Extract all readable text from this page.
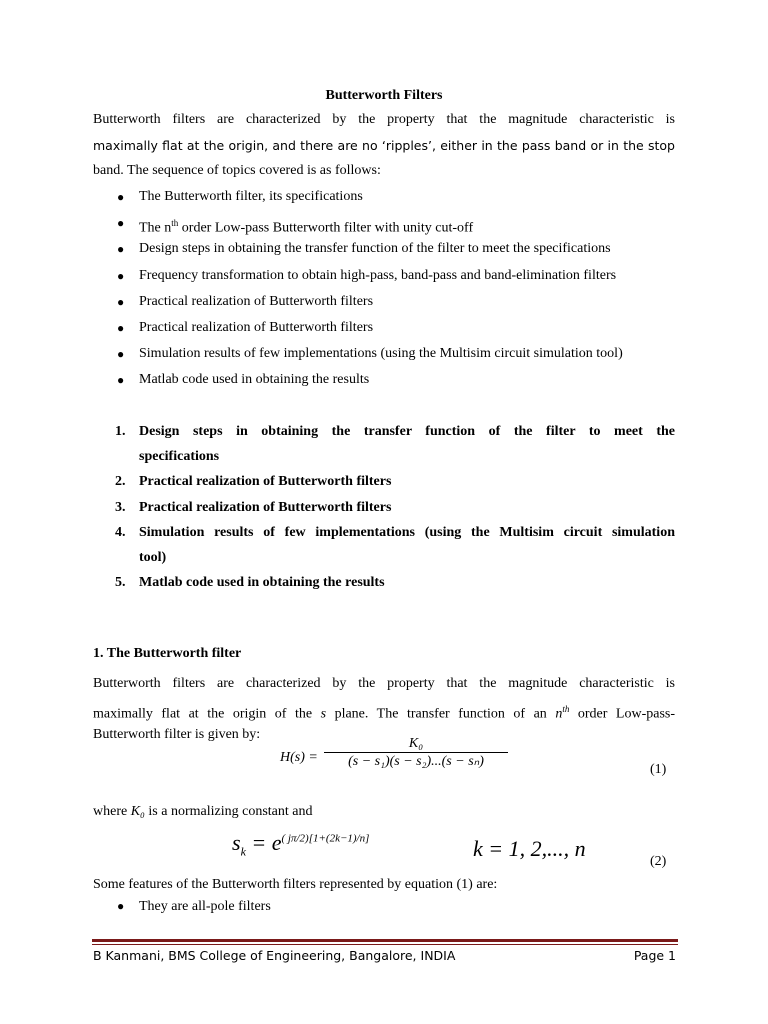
Butterworth Filters
Butterworth filters are characterized by the property that the magnitude characteristic is
maximally flat at the origin, and there are no ‘ripples’, either in the pass band or in the stop
band. The sequence of topics covered is as follows:
● The Butterworth filter, its specifications
● The $n^{th}$ order Low-pass Butterworth filter with unity cut-off
● Design steps in obtaining the transfer function of the filter to meet the specifications
● Frequency transformation to obtain high-pass, band-pass and band-elimination filters
● Practical realization of Butterworth filters
● Practical realization of Butterworth filters
● Simulation results of few implementations (using the Multisim circuit simulation tool)
● Matlab code used in obtaining the results
1. Design steps in obtaining the transfer function of the filter to meet the
specifications
2. Practical realization of Butterworth filters
3. Practical realization of Butterworth filters
4. Simulation results of few implementations (using the Multisim circuit simulation
tool)
5. Matlab code used in obtaining the results
1. The Butterworth filter
Butterworth filters are characterized by the property that the magnitude characteristic is
maximally flat at the origin of the s plane. The transfer function of an $n^{th}$ order Low-pass-
Butterworth filter is given by:
$H(s) = \frac{\text{K₀}}{\text{(s − s₁)(s − s₂)...(s − sₙ)}}$	(1)
where K₀ is a normalizing constant and
$s_k = e^{( j\pi/2)[1+(2k-1)/n]}$	k = 1, 2,..., n
(2)
Some features of the Butterworth filters represented by equation (1) are:
● They are all-pole filters
B Kanmani, BMS College of Engineering, Bangalore, INDIA	Page 1
